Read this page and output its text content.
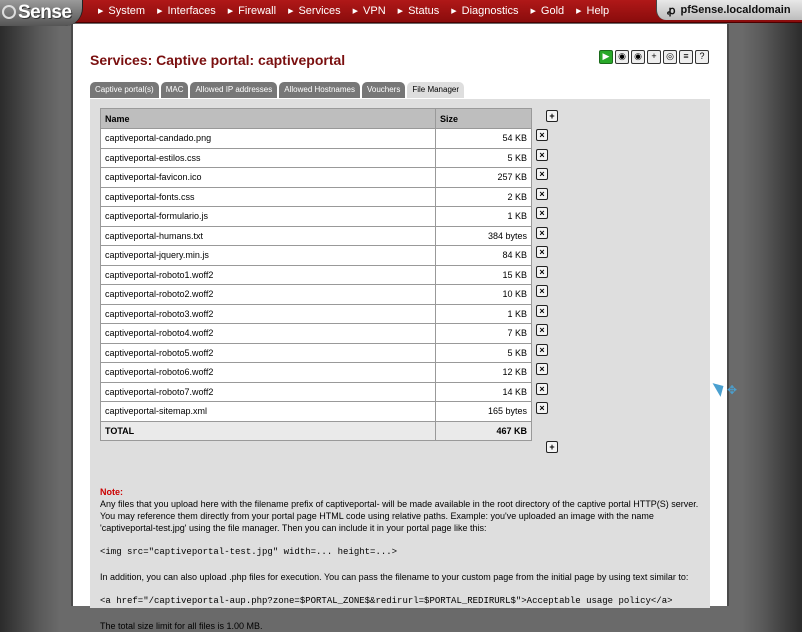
▶ System ▶ Interfaces ▶ Firewall ▶ Services ▶ VPN ▶ Status ▶ Diagnostics ▶ Gold ▶ Help
Sense	ꝓ pfSense.localdomain
Services: Captive portal: captiveportal	▶ ◉ ◉	+	◎	≡	?
Captive portal(s)	MAC	Allowed IP addresses	Allowed Hostnames	Vouchers	File Manager
Name	Size
captiveportal-candado.png	54 KB
captiveportal-estilos.css	5 KB
captiveportal-favicon.ico	257 KB
captiveportal-fonts.css	2 KB
captiveportal-formulario.js	1 KB
captiveportal-humans.txt	384 bytes
captiveportal-jquery.min.js	84 KB
captiveportal-roboto1.woff2	15 KB
captiveportal-roboto2.woff2	10 KB
captiveportal-roboto3.woff2	1 KB
captiveportal-roboto4.woff2	7 KB
captiveportal-roboto5.woff2	5 KB
captiveportal-roboto6.woff2	12 KB
captiveportal-roboto7.woff2	14 KB
captiveportal-sitemap.xml	165 bytes
TOTAL	467 KB
+
×
×
×
×
×
×
×
×
×
×
×
×
×
×
×
+
Note:
Any files that you upload here with the filename prefix of captiveportal- will be made available in the root directory of the captive portal HTTP(S) server. You may reference them directly from your portal page HTML code using relative paths. Example: you've uploaded an image with the name 'captiveportal-test.jpg' using the file manager. Then you can include it in your portal page like this:
<img src="captiveportal-test.jpg" width=... height=...>
In addition, you can also upload .php files for execution. You can pass the filename to your custom page from the initial page by using text similar to:
<a href="/captiveportal-aup.php?zone=$PORTAL_ZONE$&redirurl=$PORTAL_REDIRURL$">Acceptable usage policy</a>
The total size limit for all files is 1.00 MB.
✥
